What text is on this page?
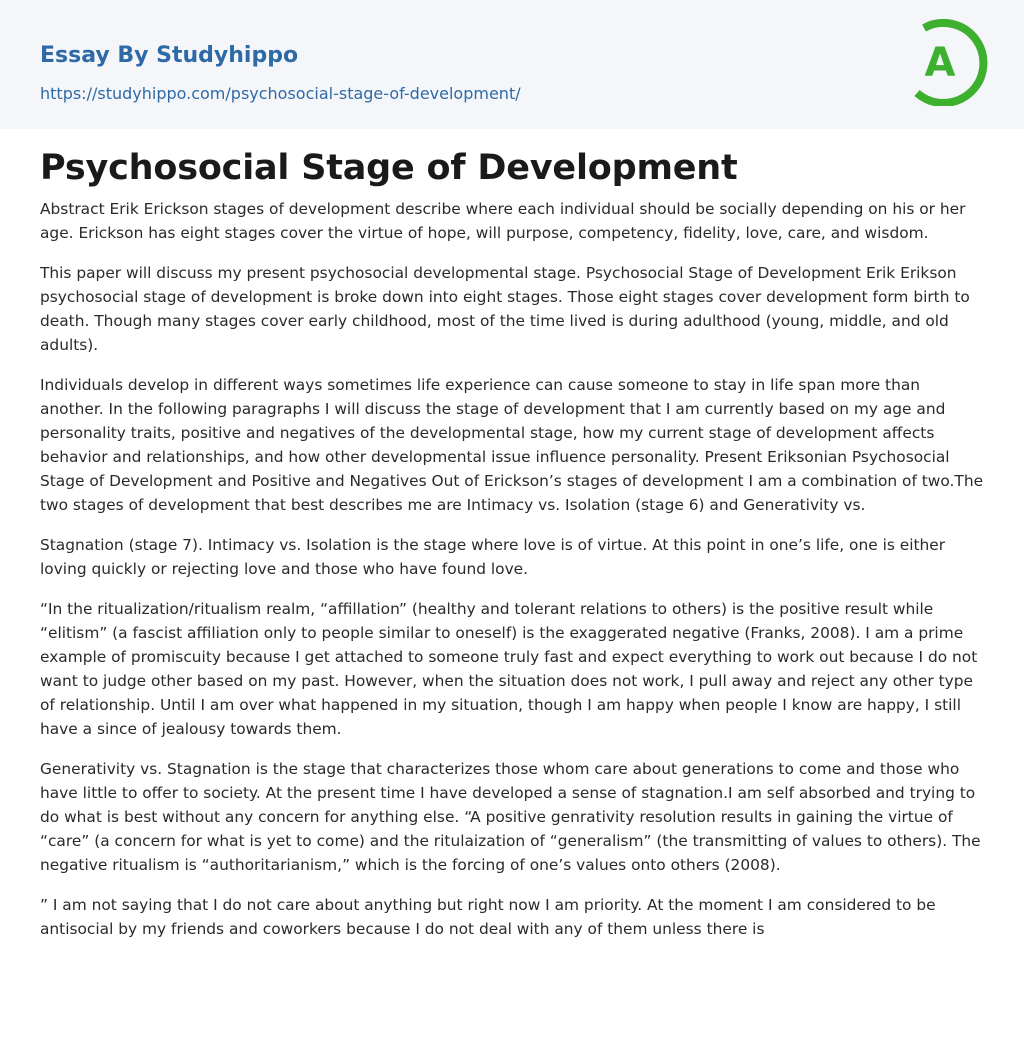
Essay By Studyhippo
https://studyhippo.com/psychosocial-stage-of-development/
A
Psychosocial Stage of Development

Abstract Erik Erickson stages of development describe where each individual should be socially depending on his or her age. Erickson has eight stages cover the virtue of hope, will purpose, competency, fidelity, love, care, and wisdom.

This paper will discuss my present psychosocial developmental stage. Psychosocial Stage of Development Erik Erikson psychosocial stage of development is broke down into eight stages. Those eight stages cover development form birth to death. Though many stages cover early childhood, most of the time lived is during adulthood (young, middle, and old adults).

Individuals develop in different ways sometimes life experience can cause someone to stay in life span more than another. In the following paragraphs I will discuss the stage of development that I am currently based on my age and personality traits, positive and negatives of the developmental stage, how my current stage of development affects behavior and relationships, and how other developmental issue influence personality. Present Eriksonian Psychosocial Stage of Development and Positive and Negatives Out of Erickson’s stages of development I am a combination of two.The two stages of development that best describes me are Intimacy vs. Isolation (stage 6) and Generativity vs.

Stagnation (stage 7). Intimacy vs. Isolation is the stage where love is of virtue. At this point in one’s life, one is either loving quickly or rejecting love and those who have found love.

“In the ritualization/ritualism realm, “affillation” (healthy and tolerant relations to others) is the positive result while “elitism” (a fascist affiliation only to people similar to oneself) is the exaggerated negative (Franks, 2008). I am a prime example of promiscuity because I get attached to someone truly fast and expect everything to work out because I do not want to judge other based on my past. However, when the situation does not work, I pull away and reject any other type of relationship. Until I am over what happened in my situation, though I am happy when people I know are happy, I still have a since of jealousy towards them.

Generativity vs. Stagnation is the stage that characterizes those whom care about generations to come and those who have little to offer to society. At the present time I have developed a sense of stagnation.I am self absorbed and trying to do what is best without any concern for anything else. “A positive genrativity resolution results in gaining the virtue of “care” (a concern for what is yet to come) and the ritulaization of “generalism” (the transmitting of values to others). The negative ritualism is “authoritarianism,” which is the forcing of one’s values onto others (2008).

” I am not saying that I do not care about anything but right now I am priority. At the moment I am considered to be antisocial by my friends and coworkers because I do not deal with any of them unless there is
